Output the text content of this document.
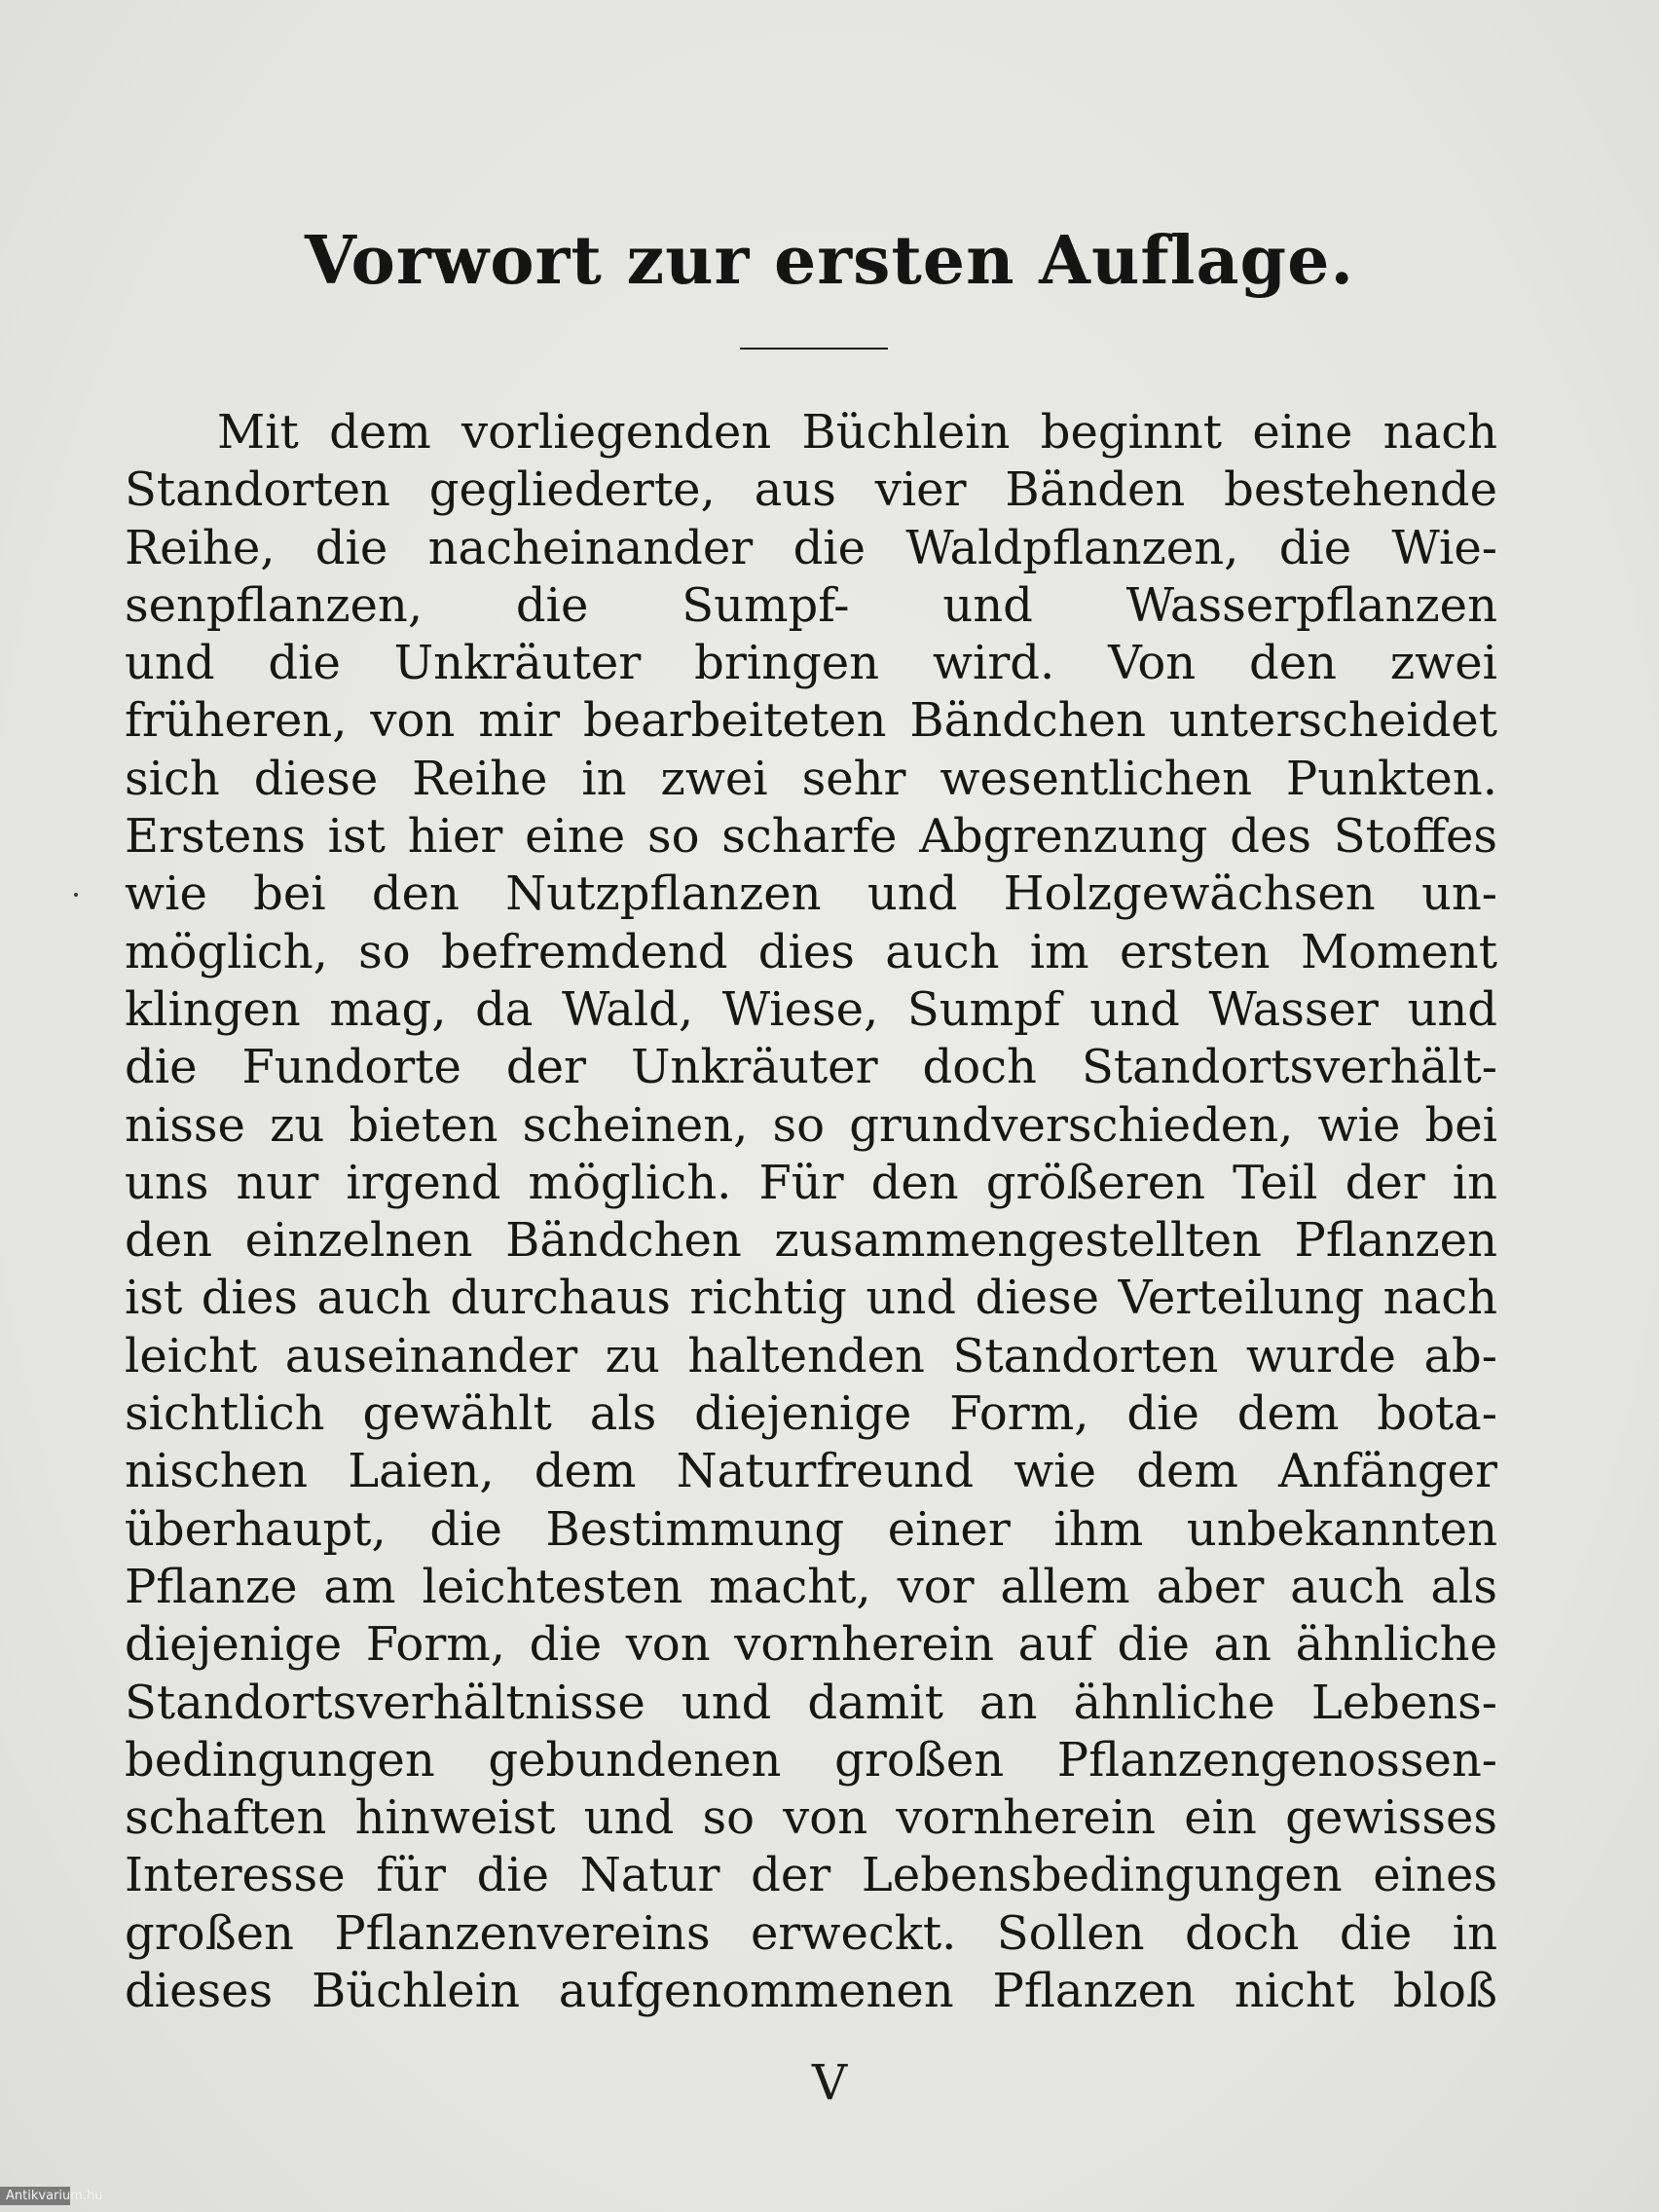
Vorwort zur ersten Auflage.
Mit dem vorliegenden Büchlein beginnt eine nach
Standorten gegliederte, aus vier Bänden bestehende
Reihe, die nacheinander die Waldpflanzen, die Wie-
senpflanzen, die Sumpf- und Wasserpflanzen
und die Unkräuter bringen wird. Von den zwei
früheren, von mir bearbeiteten Bändchen unterscheidet
sich diese Reihe in zwei sehr wesentlichen Punkten.
Erstens ist hier eine so scharfe Abgrenzung des Stoffes
wie bei den Nutzpflanzen und Holzgewächsen un-
möglich, so befremdend dies auch im ersten Moment
klingen mag, da Wald, Wiese, Sumpf und Wasser und
die Fundorte der Unkräuter doch Standortsverhält-
nisse zu bieten scheinen, so grundverschieden, wie bei
uns nur irgend möglich. Für den größeren Teil der in
den einzelnen Bändchen zusammengestellten Pflanzen
ist dies auch durchaus richtig und diese Verteilung nach
leicht auseinander zu haltenden Standorten wurde ab-
sichtlich gewählt als diejenige Form, die dem bota-
nischen Laien, dem Naturfreund wie dem Anfänger
überhaupt, die Bestimmung einer ihm unbekannten
Pflanze am leichtesten macht, vor allem aber auch als
diejenige Form, die von vornherein auf die an ähnliche
Standortsverhältnisse und damit an ähnliche Lebens-
bedingungen gebundenen großen Pflanzengenossen-
schaften hinweist und so von vornherein ein gewisses
Interesse für die Natur der Lebensbedingungen eines
großen Pflanzenvereins erweckt. Sollen doch die in
dieses Büchlein aufgenommenen Pflanzen nicht bloß
V
Antikvarium.hu
